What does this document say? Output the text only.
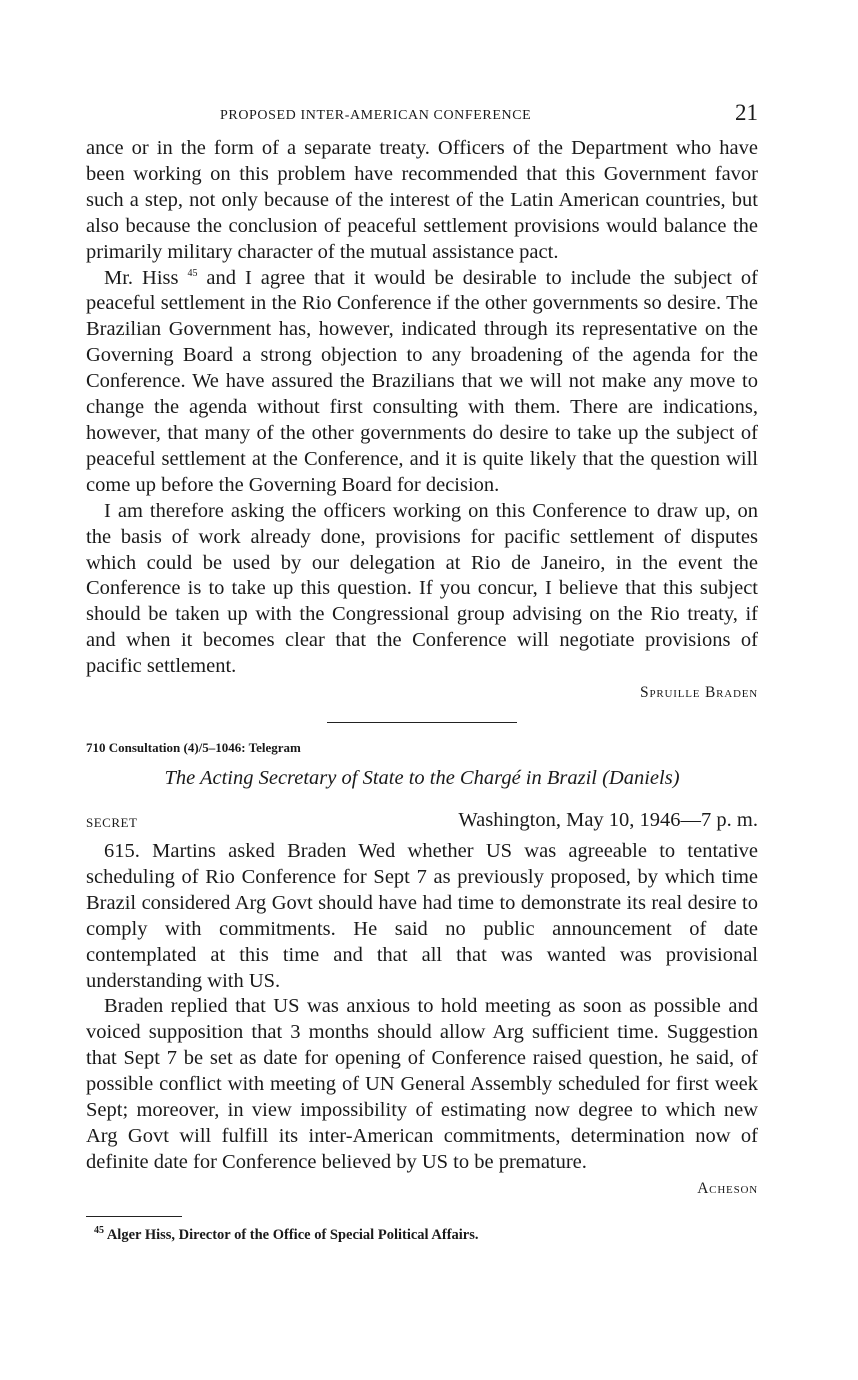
PROPOSED INTER-AMERICAN CONFERENCE	21

ance or in the form of a separate treaty. Officers of the Department who have been working on this problem have recommended that this Government favor such a step, not only because of the interest of the Latin American countries, but also because the conclusion of peaceful settlement provisions would balance the primarily military character of the mutual assistance pact.

Mr. Hiss $^{45}$ and I agree that it would be desirable to include the subject of peaceful settlement in the Rio Conference if the other governments so desire. The Brazilian Government has, however, indicated through its representative on the Governing Board a strong objection to any broadening of the agenda for the Conference. We have assured the Brazilians that we will not make any move to change the agenda without first consulting with them. There are indications, however, that many of the other governments do desire to take up the subject of peaceful settlement at the Conference, and it is quite likely that the question will come up before the Governing Board for decision.

I am therefore asking the officers working on this Conference to draw up, on the basis of work already done, provisions for pacific settlement of disputes which could be used by our delegation at Rio de Janeiro, in the event the Conference is to take up this question. If you concur, I believe that this subject should be taken up with the Congressional group advising on the Rio treaty, if and when it becomes clear that the Conference will negotiate provisions of pacific settlement.

Spruille Braden

710 Consultation (4)/5–1046: Telegram

The Acting Secretary of State to the Chargé in Brazil (Daniels)
SECRET	Washington, May 10, 1946—7 p. m.

615. Martins asked Braden Wed whether US was agreeable to tentative scheduling of Rio Conference for Sept 7 as previously proposed, by which time Brazil considered Arg Govt should have had time to demonstrate its real desire to comply with commitments. He said no public announcement of date contemplated at this time and that all that was wanted was provisional understanding with US.

Braden replied that US was anxious to hold meeting as soon as possible and voiced supposition that 3 months should allow Arg sufficient time. Suggestion that Sept 7 be set as date for opening of Conference raised question, he said, of possible conflict with meeting of UN General Assembly scheduled for first week Sept; moreover, in view impossibility of estimating now degree to which new Arg Govt will fulfill its inter-American commitments, determination now of definite date for Conference believed by US to be premature.

Acheson

$^{45}$ Alger Hiss, Director of the Office of Special Political Affairs.
